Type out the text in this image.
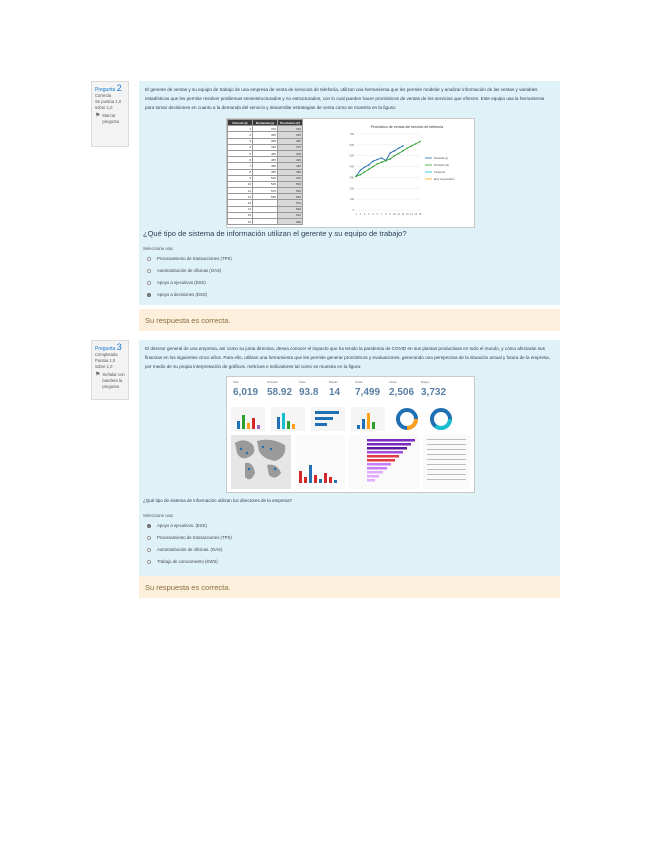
Pregunta 2
Correcta
Se puntúa 1,0 sobre 1,0
⚑ Marcar pregunta

El gerente de ventas y su equipo de trabajo de una empresa de venta de servicios de telefonía, utilizan una herramienta que les permite modelar y analizar información de las ventas y variables estadísticas que les permite resolver problemas semiestructurados y no estructurados, con lo cual pueden hacer pronósticos de ventas de los servicios que ofrecen. Este equipo usa la herramienta para tomar decisiones en cuanto a la demanda del servicio y desarrollar estrategias de venta como se muestra en la figura:

Periodo (t)	Demanda (y)	Pronóstico (F)
1	310	310
2	365	325
3	395	350
4	415	375
5	450	400
6	465	425
7	480	440
8	455	455
9	525	470
10	545	500
11	570	520
12	590	545
13		570
14		590
15		610
16		630
Pronóstico de ventas del servicio de telefonía
0
100
200
300
400
500
600
700
1 2 3 4 5 6 7 8 9 10 11 12 13 14 15 16
Demanda (y)
Pronóstico (F)
Tendencia
Error de pronóstico
¿Qué tipo de sistema de información utilizan el gerente y su equipo de trabajo?
Seleccione una:
Procesamiento de transacciones (TPS)
Automatización de oficinas (OAS)
Apoyo a ejecutivos (ESS)
Apoyo a decisiones (DSS)
Su respuesta es correcta.
Pregunta 3
Completada
Puntúa 1,0 sobre 1,0
⚑ Señalar con bandera la pregunta

El director general de una empresa, así como su junta directiva, desea conocer el impacto que ha tenido la pandemia de COVID en sus plantas productivas en todo el mundo, y cómo afectarán sus finanzas en los siguientes cinco años. Para ello, utilizan una herramienta que les permite generar pronósticos y evaluaciones, generando una perspectiva de la situación actual y futura de la empresa, por medio de su propia interpretación de gráficos, métricas e indicadores tal como se muestra en la figura:

Total
6,019
Promedio
58.92
Índice
93.8
Plantas
14
Ventas
7,499
Costos
2,506
Margen
3,732
¿Qué tipo de sistema de información utilizan los directores de la empresa?
Seleccione una:
Apoyo a ejecutivos. (ESS)
Procesamiento de transacciones (TPS)
Automatización de oficinas. (OAS)
Trabajo de conocimiento (KWS)
Su respuesta es correcta.
